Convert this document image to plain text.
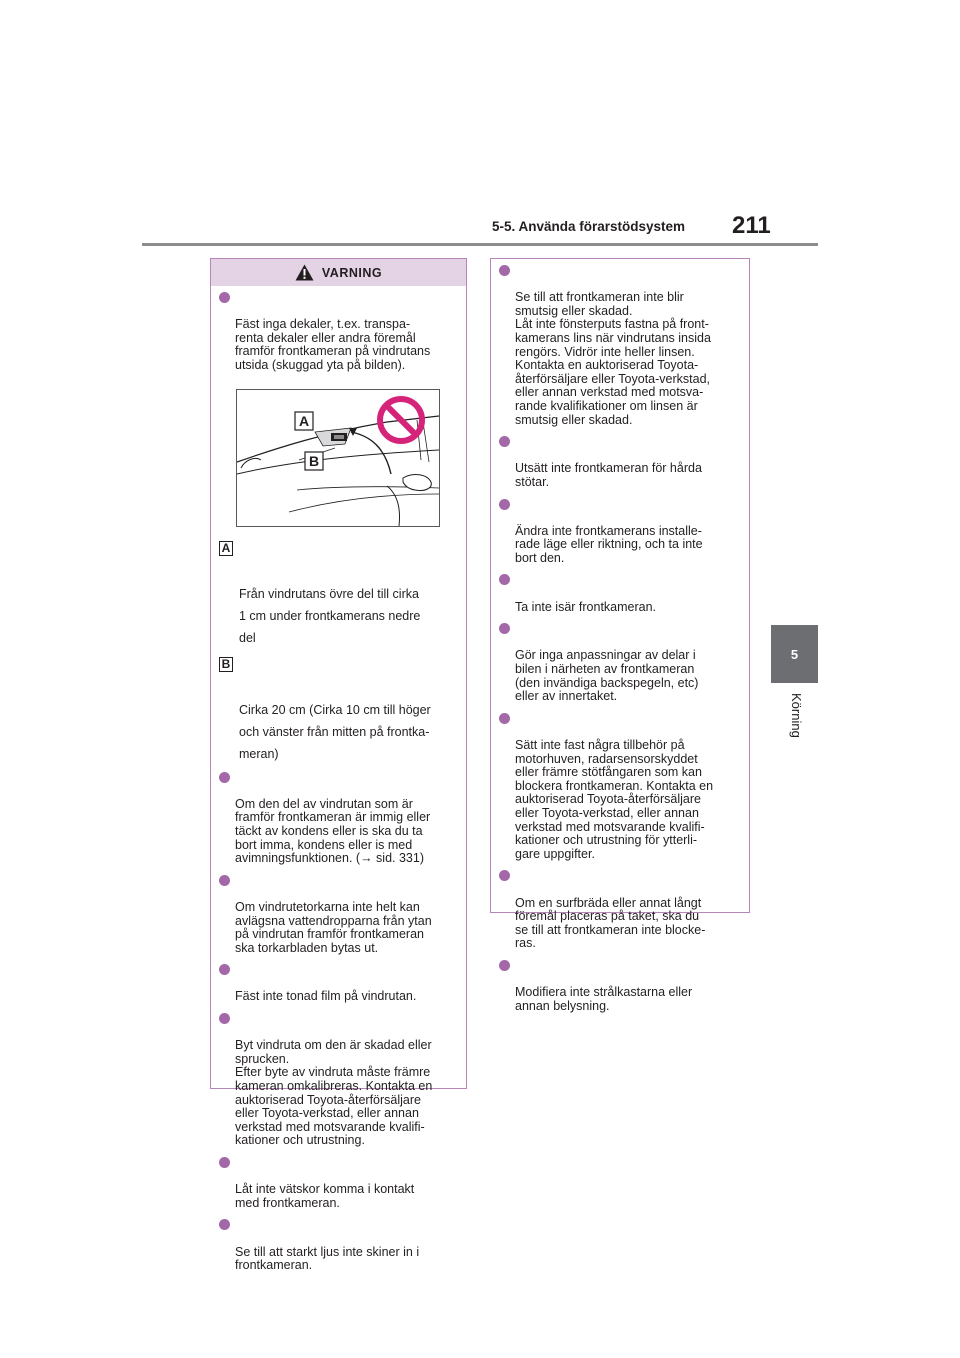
5-5. Använda förarstödsystem	211
5
Körning
VARNING

Fäst inga dekaler, t.ex. transpa-
renta dekaler eller andra föremål
framför frontkameran på vindrutans
utsida (skuggad yta på bilden).

A
B

A

Från vindrutans övre del till cirka
1 cm under frontkamerans nedre
del

B

Cirka 20 cm (Cirka 10 cm till höger
och vänster från mitten på frontka-
meran)

Om den del av vindrutan som är
framför frontkameran är immig eller
täckt av kondens eller is ska du ta
bort imma, kondens eller is med
avimningsfunktionen. (→ sid. 331)

Om vindrutetorkarna inte helt kan
avlägsna vattendropparna från ytan
på vindrutan framför frontkameran
ska torkarbladen bytas ut.

Fäst inte tonad film på vindrutan.

Byt vindruta om den är skadad eller
sprucken.
Efter byte av vindruta måste främre
kameran omkalibreras. Kontakta en
auktoriserad Toyota-återförsäljare
eller Toyota-verkstad, eller annan
verkstad med motsvarande kvalifi-
kationer och utrustning.

Låt inte vätskor komma i kontakt
med frontkameran.

Se till att starkt ljus inte skiner in i
frontkameran.

Se till att frontkameran inte blir
smutsig eller skadad.
Låt inte fönsterputs fastna på front-
kamerans lins när vindrutans insida
rengörs. Vidrör inte heller linsen.
Kontakta en auktoriserad Toyota-
återförsäljare eller Toyota-verkstad,
eller annan verkstad med motsva-
rande kvalifikationer om linsen är
smutsig eller skadad.

Utsätt inte frontkameran för hårda
stötar.

Ändra inte frontkamerans installe-
rade läge eller riktning, och ta inte
bort den.

Ta inte isär frontkameran.

Gör inga anpassningar av delar i
bilen i närheten av frontkameran
(den invändiga backspegeln, etc)
eller av innertaket.

Sätt inte fast några tillbehör på
motorhuven, radarsensorskyddet
eller främre stötfångaren som kan
blockera frontkameran. Kontakta en
auktoriserad Toyota-återförsäljare
eller Toyota-verkstad, eller annan
verkstad med motsvarande kvalifi-
kationer och utrustning för ytterli-
gare uppgifter.

Om en surfbräda eller annat långt
föremål placeras på taket, ska du
se till att frontkameran inte blocke-
ras.

Modifiera inte strålkastarna eller
annan belysning.
